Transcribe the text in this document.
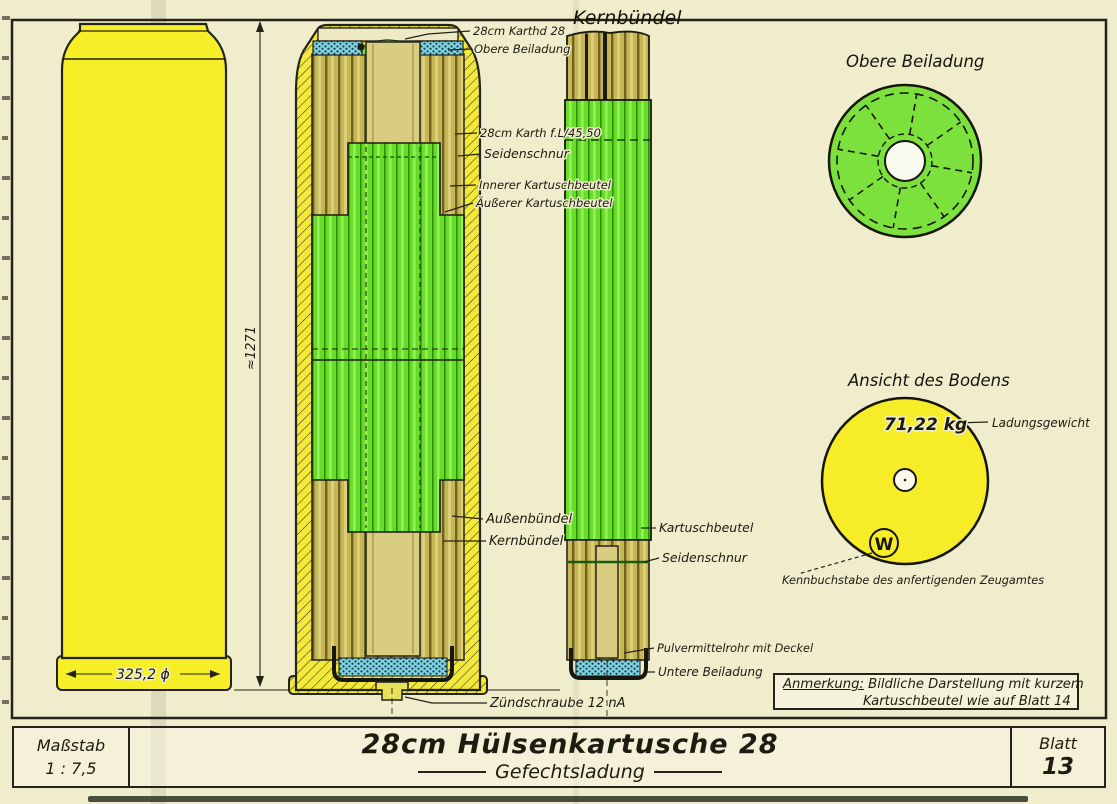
325,2 ϕ
≈1271
Obere Beiladung
Ansicht des Bodens
71,22 kg Ladungsgewicht
W
Kennbuchstabe des anfertigenden Zeugamtes
Kernbündel
28cm Karthd 28
Obere Beiladung
28cm Karth f.L/45,50
Seidenschnur
Innerer Kartuschbeutel
Äußerer Kartuschbeutel
Außenbündel
Kernbündel
Kartuschbeutel
Seidenschnur
Pulvermittelrohr mit Deckel
Untere Beiladung
Zündschraube 12 nA
Anmerkung: Bildliche Darstellung mit kurzem
Kartuschbeutel wie auf Blatt 14
Maßstab
1 : 7,5
28cm Hülsenkartusche 28
Gefechtsladung
Blatt
13
